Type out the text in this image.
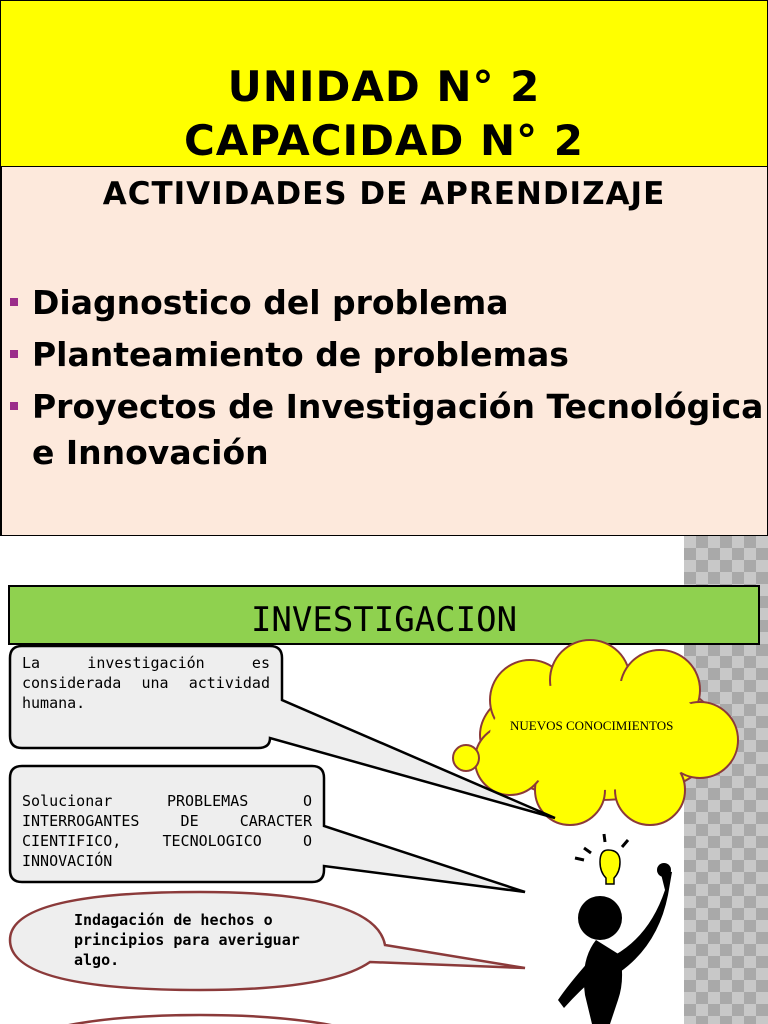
UNIDAD N° 2
CAPACIDAD N° 2
ACTIVIDADES DE APRENDIZAJE
Diagnostico del problema
Planteamiento de problemas
Proyectos de Investigación Tecnológica e Innovación
INVESTIGACION
La investigación es considerada una actividad humana.
Solucionar PROBLEMAS O INTERROGANTES DE CARACTER CIENTIFICO, TECNOLOGICO O INNOVACIÓN
Indagación de hechos o principios para averiguar algo.
NUEVOS CONOCIMIENTOS
